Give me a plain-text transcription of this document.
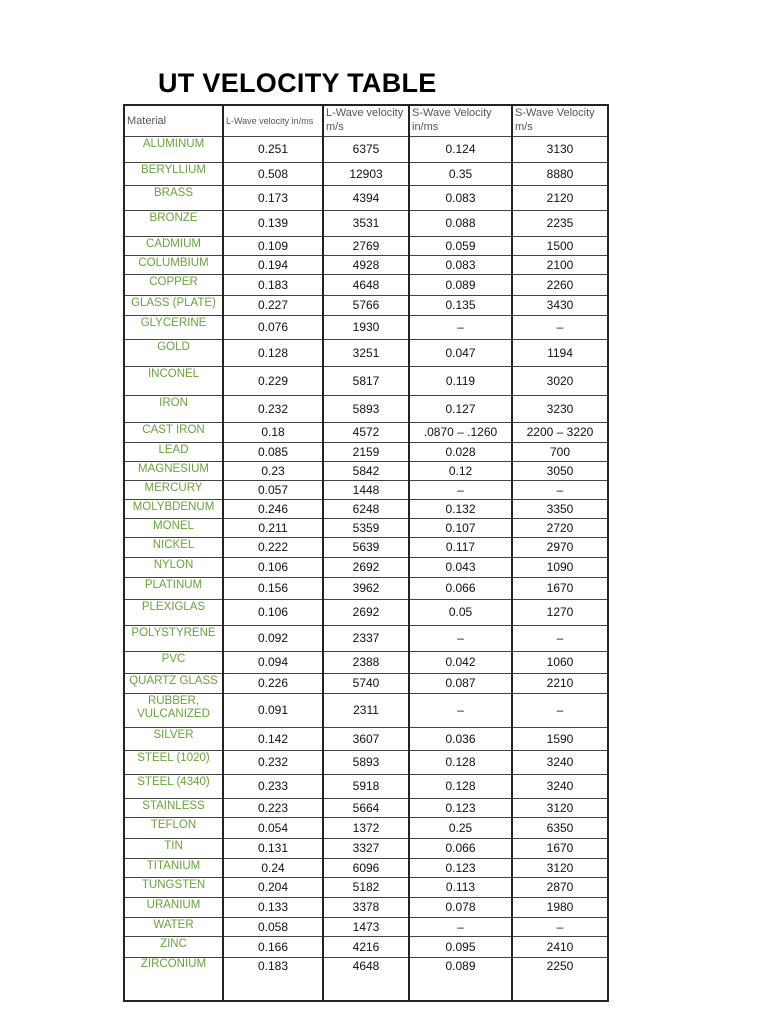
UT VELOCITY TABLE
Material	L-Wave velocity in/ms	L-Wave velocity m/s	S-Wave Velocity in/ms	S-Wave Velocity m/s
ALUMINUM	0.251	6375	0.124	3130
BERYLLIUM	0.508	12903	0.35	8880
BRASS	0.173	4394	0.083	2120
BRONZE	0.139	3531	0.088	2235
CADMIUM	0.109	2769	0.059	1500
COLUMBIUM	0.194	4928	0.083	2100
COPPER	0.183	4648	0.089	2260
GLASS (PLATE)	0.227	5766	0.135	3430
GLYCERINE	0.076	1930	–	–
GOLD	0.128	3251	0.047	1194
INCONEL	0.229	5817	0.119	3020
IRON	0.232	5893	0.127	3230
CAST IRON	0.18	4572	.0870 – .1260	2200 – 3220
LEAD	0.085	2159	0.028	700
MAGNESIUM	0.23	5842	0.12	3050
MERCURY	0.057	1448	–	–
MOLYBDENUM	0.246	6248	0.132	3350
MONEL	0.211	5359	0.107	2720
NICKEL	0.222	5639	0.117	2970
NYLON	0.106	2692	0.043	1090
PLATINUM	0.156	3962	0.066	1670
PLEXIGLAS	0.106	2692	0.05	1270
POLYSTYRENE	0.092	2337	–	–
PVC	0.094	2388	0.042	1060
QUARTZ GLASS	0.226	5740	0.087	2210
RUBBER, VULCANIZED	0.091	2311	–	–
SILVER	0.142	3607	0.036	1590
STEEL (1020)	0.232	5893	0.128	3240
STEEL (4340)	0.233	5918	0.128	3240
STAINLESS	0.223	5664	0.123	3120
TEFLON	0.054	1372	0.25	6350
TIN	0.131	3327	0.066	1670
TITANIUM	0.24	6096	0.123	3120
TUNGSTEN	0.204	5182	0.113	2870
URANIUM	0.133	3378	0.078	1980
WATER	0.058	1473	–	–
ZINC	0.166	4216	0.095	2410
ZIRCONIUM	0.183	4648	0.089	2250
